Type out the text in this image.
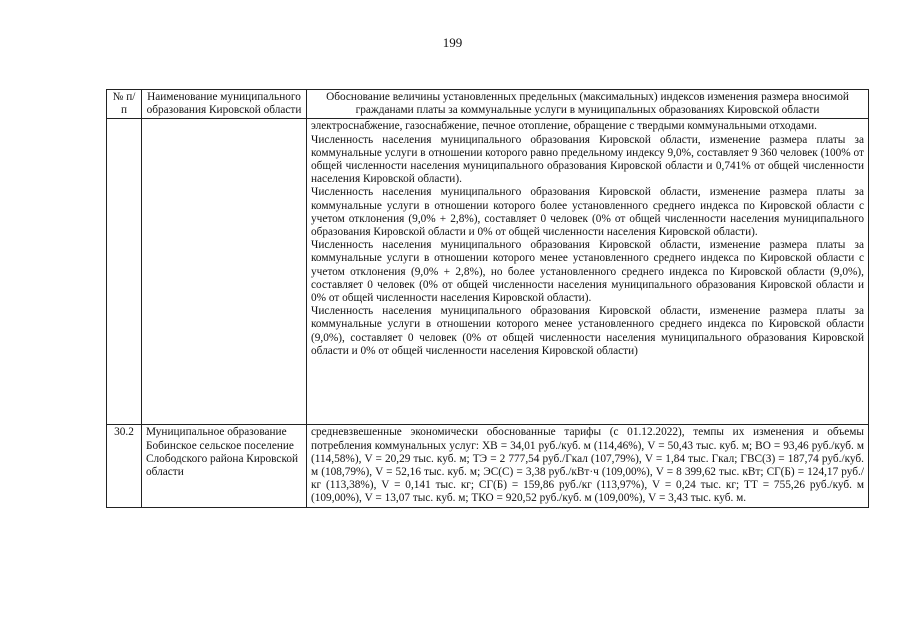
199
№ п/п	Наименование муниципального образования Кировской области	Обоснование величины установленных предельных (максимальных) индексов изменения размера вносимой гражданами платы за коммунальные услуги в муниципальных образованиях Кировской области

		электроснабжение, газоснабжение, печное отопление, обращение с твердыми коммунальными отходами.

Численность населения муниципального образования Кировской области, изменение размера платы за коммунальные услуги в отношении которого равно предельному индексу 9,0%, составляет 9 360 человек (100% от общей численности населения муниципального образования Кировской области и 0,741% от общей численности населения Кировской области).

Численность населения муниципального образования Кировской области, изменение размера платы за коммунальные услуги в отношении которого более установленного среднего индекса по Кировской области с учетом отклонения (9,0% + 2,8%), составляет 0 человек (0% от общей численности населения муниципального образования Кировской области и 0% от общей численности населения Кировской области).

Численность населения муниципального образования Кировской области, изменение размера платы за коммунальные услуги в отношении которого менее установленного среднего индекса по Кировской области с учетом отклонения (9,0% + 2,8%), но более установленного среднего индекса по Кировской области (9,0%), составляет 0 человек (0% от общей численности населения муниципального образования Кировской области и 0% от общей численности населения Кировской области).

Численность населения муниципального образования Кировской области, изменение размера платы за коммунальные услуги в отношении которого менее установленного среднего индекса по Кировской области (9,0%), составляет 0 человек (0% от общей численности населения муниципального образования Кировской области и 0% от общей численности населения Кировской области)

30.2	Муниципальное образование Бобинское сельское поселение Слободского района Кировской области	средневзвешенные экономически обоснованные тарифы (с 01.12.2022), темпы их изменения и объемы потребления коммунальных услуг: ХВ = 34,01 руб./куб. м (114,46%), V = 50,43 тыс. куб. м; ВО = 93,46 руб./куб. м (114,58%), V = 20,29 тыс. куб. м; ТЭ = 2 777,54 руб./Гкал (107,79%), V = 1,84 тыс. Гкал; ГВС(З) = 187,74 руб./куб. м (108,79%), V = 52,16 тыс. куб. м; ЭС(С) = 3,38 руб./кВт·ч (109,00%), V = 8 399,62 тыс. кВт; СГ(Б) = 124,17 руб./кг (113,38%), V = 0,141 тыс. кг; СГ(Б) = 159,86 руб./кг (113,97%), V = 0,24 тыс. кг; ТТ = 755,26 руб./куб. м (109,00%), V = 13,07 тыс. куб. м; ТКО = 920,52 руб./куб. м (109,00%), V = 3,43 тыс. куб. м.
